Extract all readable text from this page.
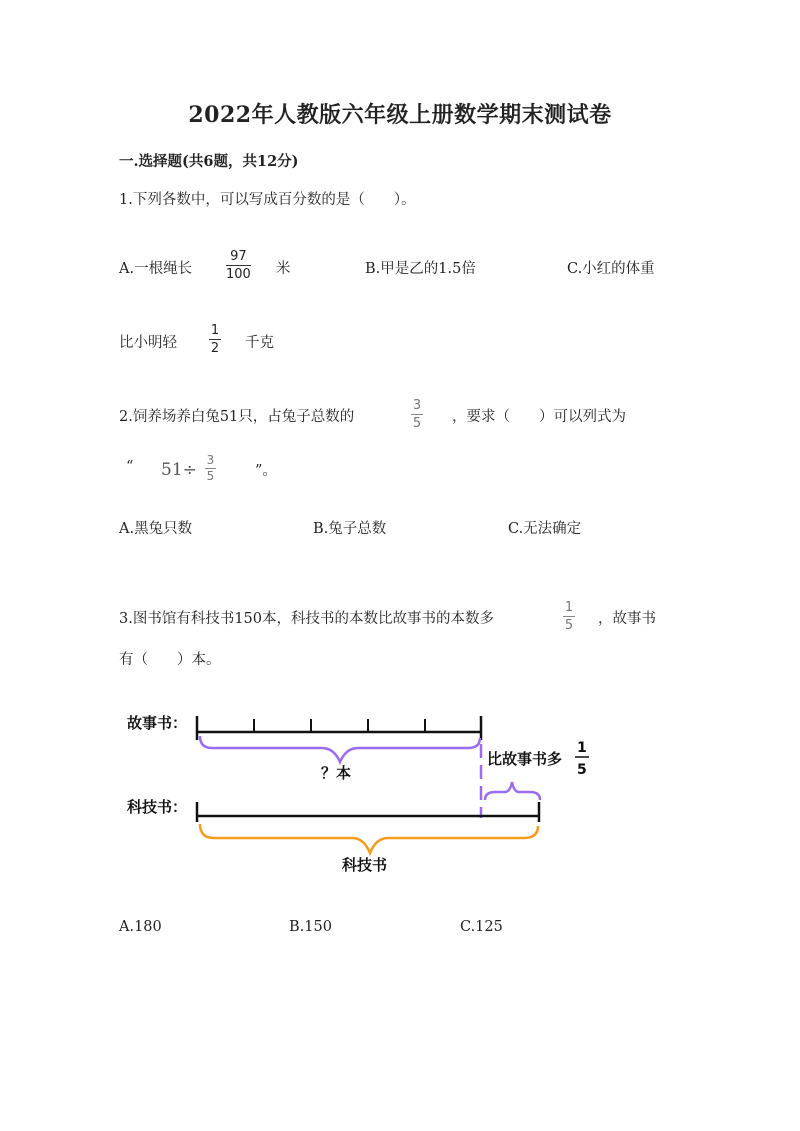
2022年人教版六年级上册数学期末测试卷
一.选择题(共6题，共12分)
1.下列各数中，可以写成百分数的是（　　）。
A.一根绳长
97
100 米	B.甲是乙的1.5倍	C.小红的体重
比小明轻
1
2 千克
2.饲养场养白兔51只，占兔子总数的
3
5 ，要求（　　）可以列式为
“ 51÷ 3
5	”。
A.黑兔只数	B.兔子总数	C.无法确定
3.图书馆有科技书150本，科技书的本数比故事书的本数多
1
5 ，故事书
有（　　）本。
故事书：
？本
比故事书多
1
5
科技书：
科技书
A.180	B.150	C.125
